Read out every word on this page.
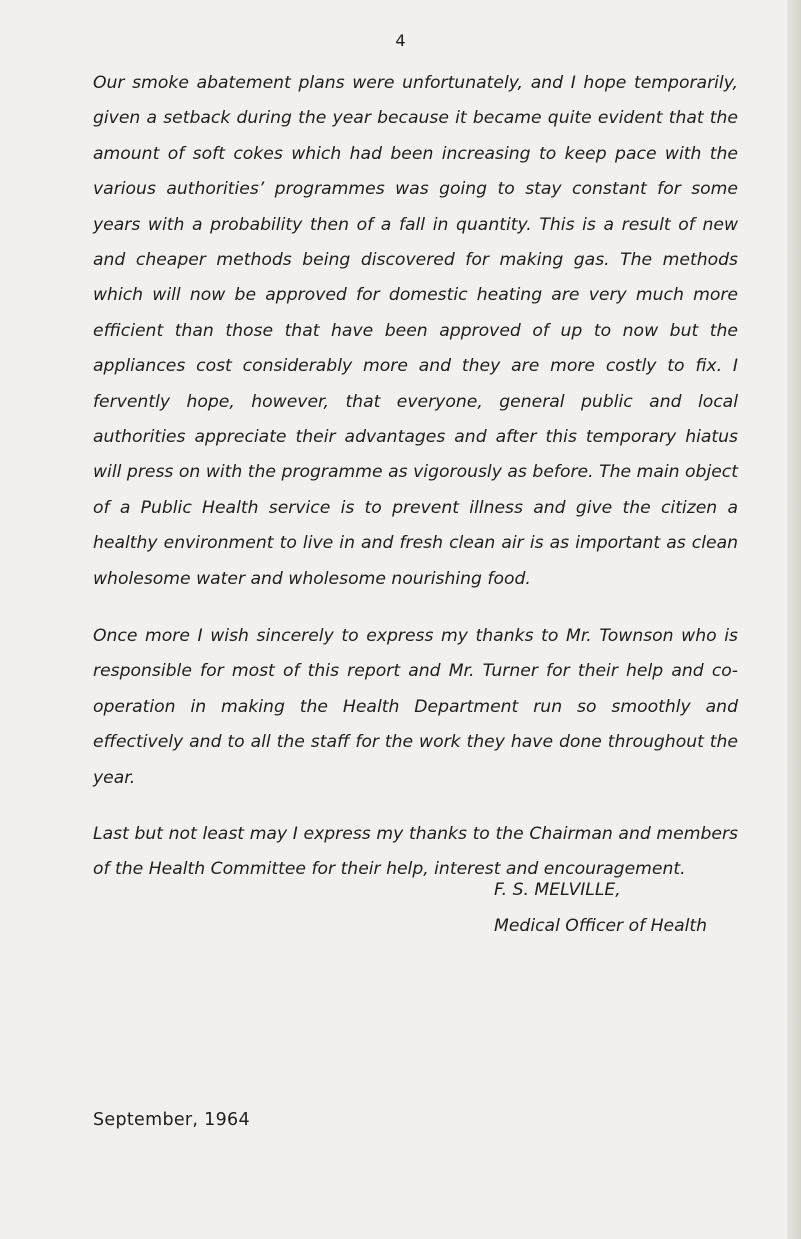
4

Our smoke abatement plans were unfortunately, and I hope temporarily, given a setback during the year because it became quite evident that the amount of soft cokes which had been increasing to keep pace with the various authorities’ programmes was going to stay constant for some years with a probability then of a fall in quantity. This is a result of new and cheaper methods being discovered for making gas. The methods which will now be approved for domestic heating are very much more efficient than those that have been approved of up to now but the appliances cost considerably more and they are more costly to fix. I fervently hope, however, that everyone, general public and local authorities appreciate their advantages and after this temporary hiatus will press on with the programme as vigorously as before. The main object of a Public Health service is to prevent illness and give the citizen a healthy environment to live in and fresh clean air is as important as clean wholesome water and wholesome nourishing food.

Once more I wish sincerely to express my thanks to Mr. Townson who is responsible for most of this report and Mr. Turner for their help and co-operation in making the Health Department run so smoothly and effectively and to all the staff for the work they have done throughout the year.

Last but not least may I express my thanks to the Chairman and members of the Health Committee for their help, interest and encouragement.

F. S. MELVILLE,
Medical Officer of Health
September, 1964
